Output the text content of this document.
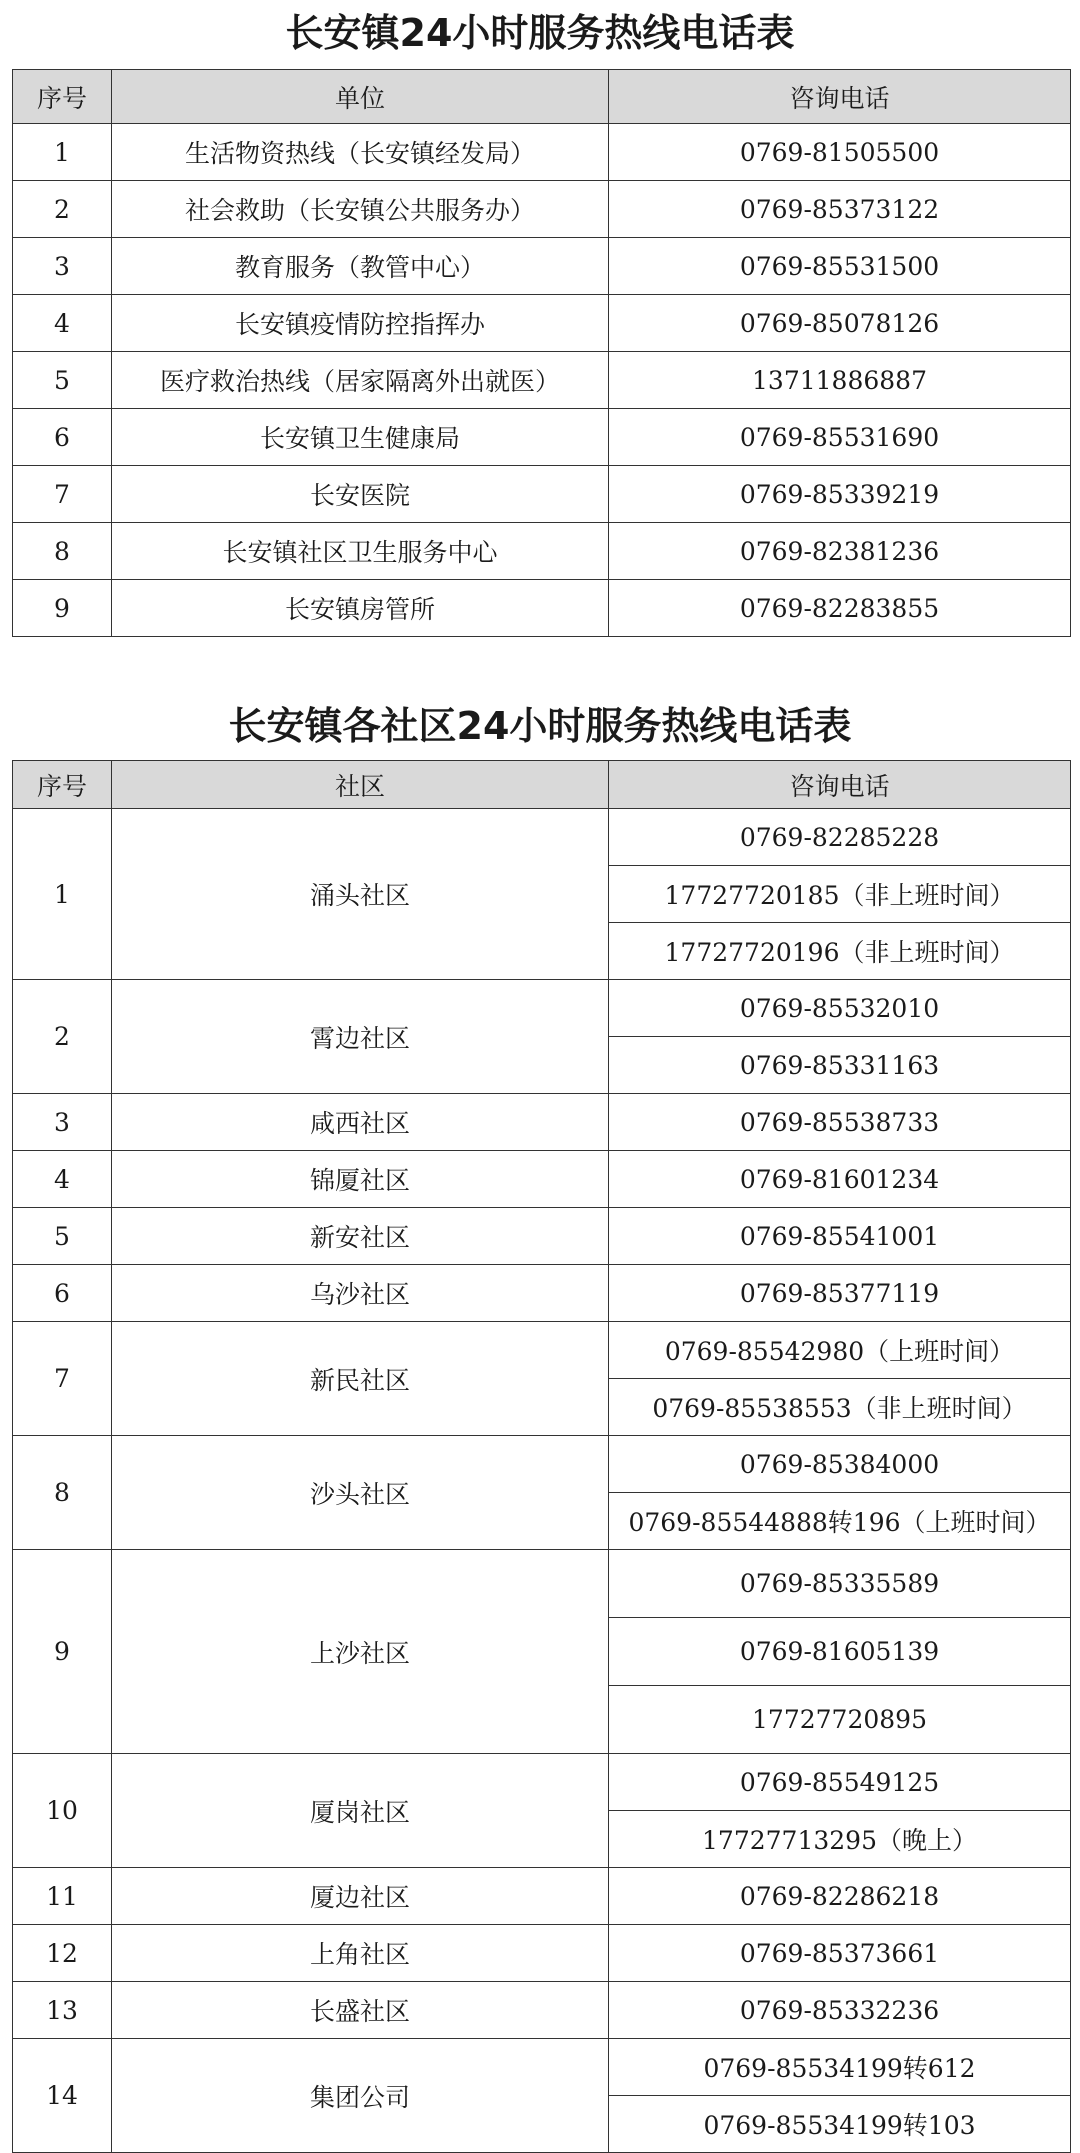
长安镇24小时服务热线电话表
序号	单位	咨询电话
1	生活物资热线（长安镇经发局）	0769-81505500
2	社会救助（长安镇公共服务办）	0769-85373122
3	教育服务（教管中心）	0769-85531500
4	长安镇疫情防控指挥办	0769-85078126
5	医疗救治热线（居家隔离外出就医）	13711886887
6	长安镇卫生健康局	0769-85531690
7	长安医院	0769-85339219
8	长安镇社区卫生服务中心	0769-82381236
9	长安镇房管所	0769-82283855
长安镇各社区24小时服务热线电话表
序号	社区	咨询电话
1	涌头社区	0769-82285228
		17727720185（非上班时间）
		17727720196（非上班时间）
2	霄边社区	0769-85532010
		0769-85331163
3	咸西社区	0769-85538733
4	锦厦社区	0769-81601234
5	新安社区	0769-85541001
6	乌沙社区	0769-85377119
7	新民社区	0769-85542980（上班时间）
		0769-85538553（非上班时间）
8	沙头社区	0769-85384000
		0769-85544888转196（上班时间）
9	上沙社区	0769-85335589
		0769-81605139
		17727720895
10	厦岗社区	0769-85549125
		17727713295（晚上）
11	厦边社区	0769-82286218
12	上角社区	0769-85373661
13	长盛社区	0769-85332236
14	集团公司	0769-85534199转612
		0769-85534199转103
